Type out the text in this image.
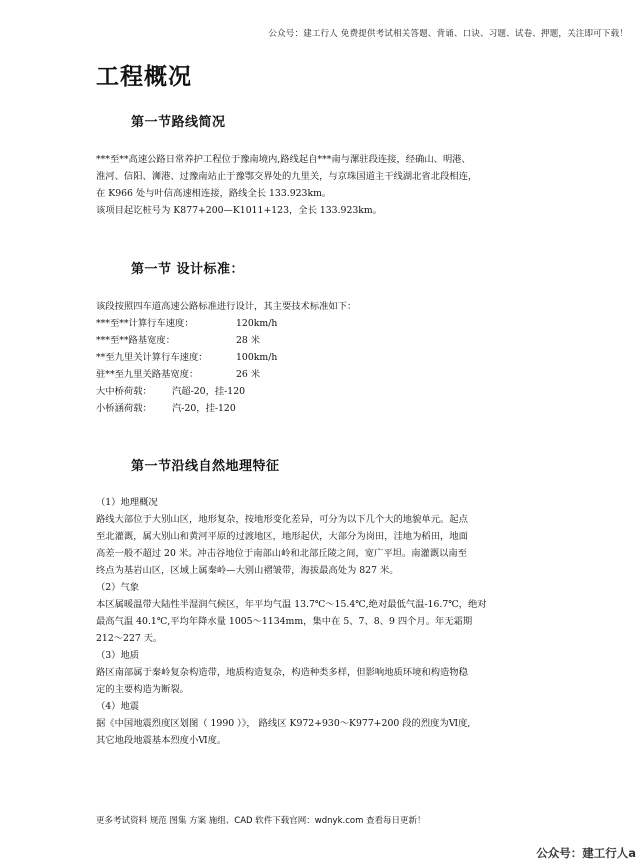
公众号：建工行人 免费提供考试相关答题、背诵、口诀、习题、试卷、押题，关注即可下载！
工程概况
第一节路线简况
***至**高速公路日常养护工程位于豫南境内,路线起自***南与漯驻段连接，经确山、明港、
淮河、信阳、浉港、过豫南站止于豫鄂交界处的九里关，与京珠国道主干线湖北省北段相连，
在 K966 处与叶信高速相连接，路线全长 133.923km。
该项目起讫桩号为 K877+200—K1011+123，全长 133.923km。
第一节 设计标准：
该段按照四车道高速公路标准进行设计，其主要技术标准如下：
***至**计算行车速度：	120km/h
***至**路基宽度：	28 米
**至九里关计算行车速度：	100km/h
驻**至九里关路基宽度：	26 米
大中桥荷载：	汽超-20，挂-120
小桥涵荷载：	汽-20，挂-120
第一节沿线自然地理特征
（1）地理概况
路线大部位于大别山区，地形复杂，按地形变化差异，可分为以下几个大的地貌单元。起点
至北灌溉，属大别山和黄河平原的过渡地区，地形起伏，大部分为岗田，洼地为稻田，地面
高差一般不超过 20 米。冲击谷地位于南部山岭和北部丘陵之间，宽广平坦。南灌溉以南至
终点为基岩山区，区域上属秦岭—大别山褶皱带，海拔最高处为 827 米。
（2）气象
本区属暖温带大陆性半湿润气候区，年平均气温 13.7℃～15.4℃,绝对最低气温-16.7℃，绝对
最高气温 40.1℃,平均年降水量 1005～1134mm，集中在 5、7、8、9 四个月。年无霜期
212～227 天。
（3）地质
路区南部属于秦岭复杂构造带，地质构造复杂，构造种类多样，但影响地质环境和构造物稳
定的主要构造为断裂。
（4）地震
据《中国地震烈度区划图（ 1990 ）》， 路线区 K972+930～K977+200 段的烈度为Ⅵ度,
其它地段地震基本烈度小Ⅵ度。
更多考试资料 规范 图集 方案 施组、CAD 软件下载官网：wdnyk.com 查看每日更新！
公众号：建工行人a
